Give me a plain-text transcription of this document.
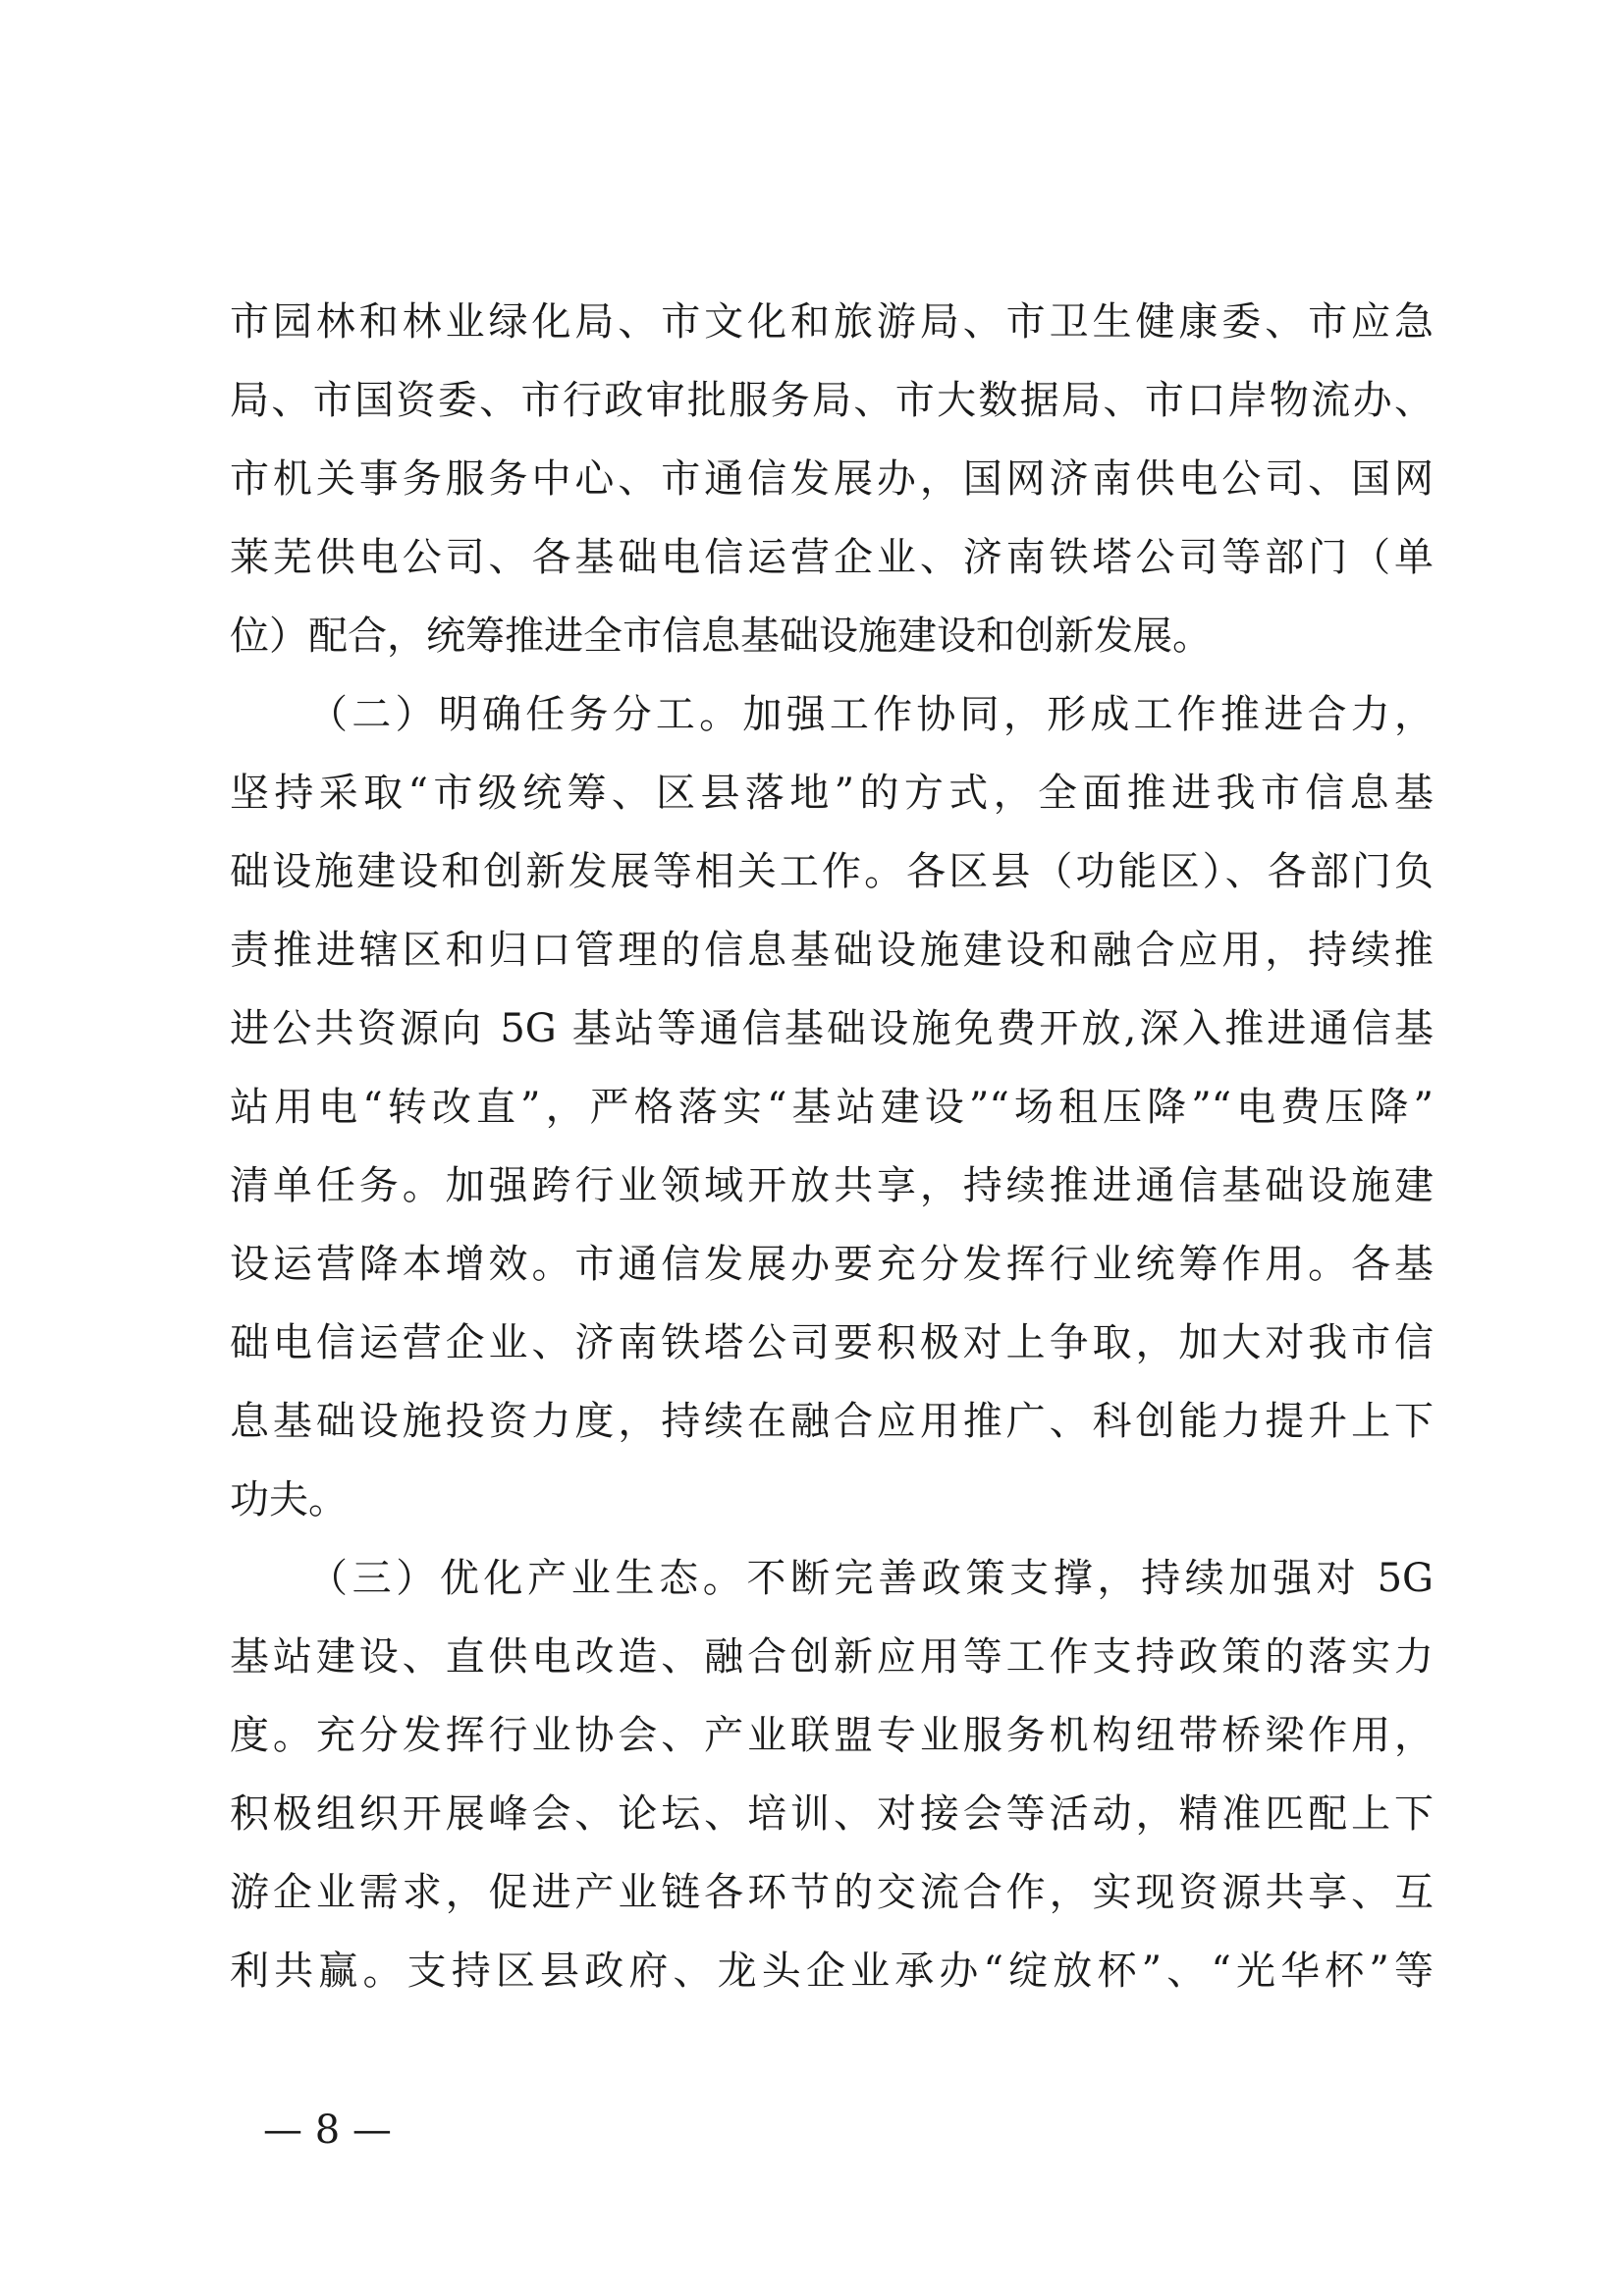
市园林和林业绿化局、市文化和旅游局、市卫生健康委、市应急
局、市国资委、市行政审批服务局、市大数据局、市口岸物流办、
市机关事务服务中心、市通信发展办，国网济南供电公司、国网
莱芜供电公司、各基础电信运营企业、济南铁塔公司等部门（单
位）配合，统筹推进全市信息基础设施建设和创新发展。
（二）明确任务分工。加强工作协同，形成工作推进合力，
坚持采取“市级统筹、区县落地”的方式，全面推进我市信息基
础设施建设和创新发展等相关工作。各区县（功能区）、各部门负
责推进辖区和归口管理的信息基础设施建设和融合应用，持续推
进公共资源向 5G 基站等通信基础设施免费开放,深入推进通信基
站用电“转改直”，严格落实“基站建设”“场租压降”“电费压降”
清单任务。加强跨行业领域开放共享，持续推进通信基础设施建
设运营降本增效。市通信发展办要充分发挥行业统筹作用。各基
础电信运营企业、济南铁塔公司要积极对上争取，加大对我市信
息基础设施投资力度，持续在融合应用推广、科创能力提升上下
功夫。
（三）优化产业生态。不断完善政策支撑，持续加强对 5G
基站建设、直供电改造、融合创新应用等工作支持政策的落实力
度。充分发挥行业协会、产业联盟专业服务机构纽带桥梁作用，
积极组织开展峰会、论坛、培训、对接会等活动，精准匹配上下
游企业需求，促进产业链各环节的交流合作，实现资源共享、互
利共赢。支持区县政府、龙头企业承办“绽放杯”、“光华杯”等
— 8 —
